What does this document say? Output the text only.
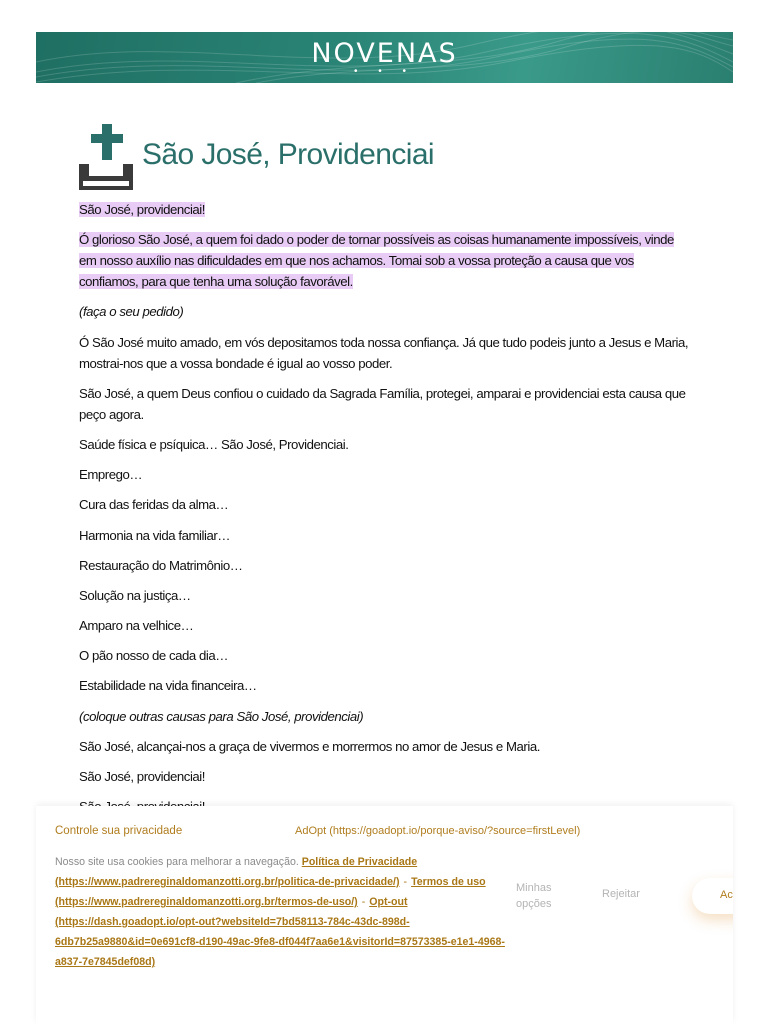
NOVENAS
• • •
São José, Providenciai

São José, providenciai!

Ó glorioso São José, a quem foi dado o poder de tornar possíveis as coisas humanamente impossíveis, vinde em nosso auxílio nas dificuldades em que nos achamos. Tomai sob a vossa proteção a causa que vos confiamos, para que tenha uma solução favorável.

(faça o seu pedido)

Ó São José muito amado, em vós depositamos toda nossa confiança. Já que tudo podeis junto a Jesus e Maria, mostrai-nos que a vossa bondade é igual ao vosso poder.

São José, a quem Deus confiou o cuidado da Sagrada Família, protegei, amparai e providenciai esta causa que peço agora.

Saúde física e psíquica… São José, Providenciai.

Emprego…

Cura das feridas da alma…

Harmonia na vida familiar…

Restauração do Matrimônio…

Solução na justiça…

Amparo na velhice…

O pão nosso de cada dia…

Estabilidade na vida financeira…

(coloque outras causas para São José, providenciai)

São José, alcançai-nos a graça de vivermos e morrermos no amor de Jesus e Maria.

São José, providenciai!

Controle sua privacidade	AdOpt (https://goadopt.io/porque-aviso/?source=firstLevel)
Nosso site usa cookies para melhorar a navegação. Política de Privacidade (https://www.padrereginaldomanzotti.org.br/politica-de-privacidade/) - Termos de uso (https://www.padrereginaldomanzotti.org.br/termos-de-uso/) - Opt-out (https://dash.goadopt.io/opt-out?websiteId=7bd58113-784c-43dc-898d-6db7b25a9880&id=0e691cf8-d190-49ac-9fe8-df044f7aa6e1&visitorId=87573385-e1e1-4968-a837-7e7845def08d)
Minhas opções
Rejeitar	Ac
